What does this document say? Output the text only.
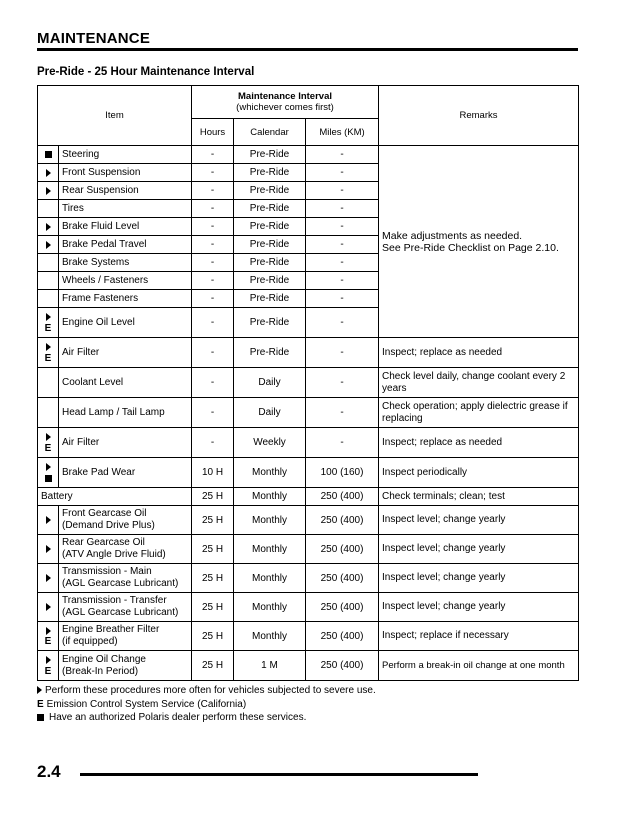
MAINTENANCE
Pre-Ride - 25 Hour Maintenance Interval
Item		Maintenance Interval
(whichever comes first)			Remarks
		Hours	Calendar	Miles (KM)	
	Steering	-	Pre-Ride	-	Make adjustments as needed.
See Pre-Ride Checklist on Page 2.10.

	Front Suspension	-	Pre-Ride	-	
	Rear Suspension	-	Pre-Ride	-	
	Tires	-	Pre-Ride	-	
	Brake Fluid Level	-	Pre-Ride	-	
	Brake Pedal Travel	-	Pre-Ride	-	
	Brake Systems	-	Pre-Ride	-	
	Wheels / Fasteners	-	Pre-Ride	-	
	Frame Fasteners	-	Pre-Ride	-	

E	Engine Oil Level	-	Pre-Ride	-	

E	Air Filter	-	Pre-Ride	-	Inspect; replace as needed
	Coolant Level	-	Daily	-	Check level daily, change coolant every 2 years
	Head Lamp / Tail Lamp	-	Daily	-	Check operation; apply dielectric grease if replacing

E	Air Filter	-	Weekly	-	Inspect; replace as needed

	Brake Pad Wear	10 H	Monthly	100 (160)	Inspect periodically
Battery		25 H	Monthly	250 (400)	Check terminals; clean; test

	Front Gearcase Oil
(Demand Drive Plus)	25 H	Monthly	250 (400)	Inspect level; change yearly

	Rear Gearcase Oil
(ATV Angle Drive Fluid)	25 H	Monthly	250 (400)	Inspect level; change yearly

	Transmission - Main
(AGL Gearcase Lubricant)	25 H	Monthly	250 (400)	Inspect level; change yearly

	Transmission - Transfer
(AGL Gearcase Lubricant)	25 H	Monthly	250 (400)	Inspect level; change yearly

E	Engine Breather Filter
(if equipped)	25 H	Monthly	250 (400)	Inspect; replace if necessary

E	Engine Oil Change
(Break-In Period)	25 H	1 M	250 (400)	Perform a break-in oil change at one month
Perform these procedures more often for vehicles subjected to severe use.
E Emission Control System Service (California)
Have an authorized Polaris dealer perform these services.
2.4
